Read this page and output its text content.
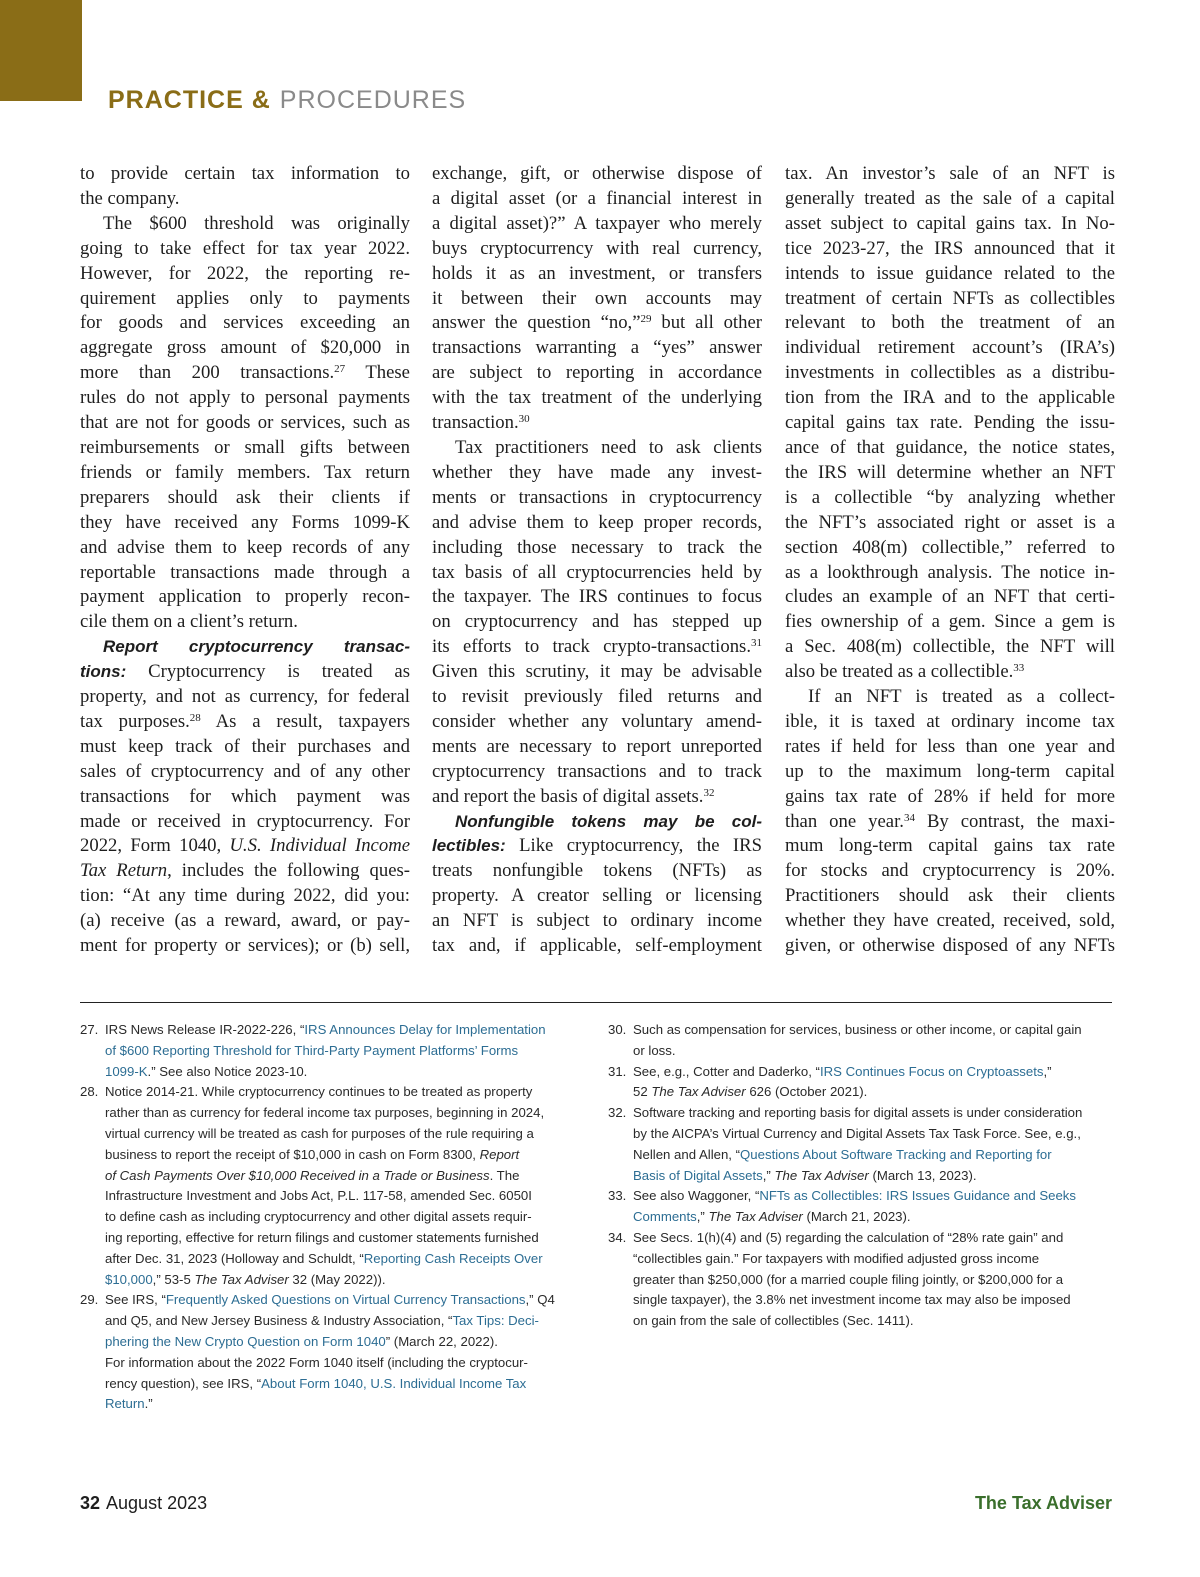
PRACTICE & PROCEDURES
to provide certain tax information to
the company.
The $600 threshold was originally
going to take effect for tax year 2022.
However, for 2022, the reporting re-
quirement applies only to payments
for goods and services exceeding an
aggregate gross amount of $20,000 in
more than 200 transactions.$^{27}$ These
rules do not apply to personal payments
that are not for goods or services, such as
reimbursements or small gifts between
friends or family members. Tax return
preparers should ask their clients if
they have received any Forms 1099-K
and advise them to keep records of any
reportable transactions made through a
payment application to properly recon-
cile them on a client’s return.
Report cryptocurrency transac-
tions: Cryptocurrency is treated as
property, and not as currency, for federal
tax purposes.$^{28}$ As a result, taxpayers
must keep track of their purchases and
sales of cryptocurrency and of any other
transactions for which payment was
made or received in cryptocurrency. For
2022, Form 1040, U.S. Individual Income
Tax Return, includes the following ques-
tion: “At any time during 2022, did you:
(a) receive (as a reward, award, or pay-
ment for property or services); or (b) sell,
exchange, gift, or otherwise dispose of
a digital asset (or a financial interest in
a digital asset)?” A taxpayer who merely
buys cryptocurrency with real currency,
holds it as an investment, or transfers
it between their own accounts may
answer the question “no,”$^{29}$ but all other
transactions warranting a “yes” answer
are subject to reporting in accordance
with the tax treatment of the underlying
transaction.$^{30}$
Tax practitioners need to ask clients
whether they have made any invest-
ments or transactions in cryptocurrency
and advise them to keep proper records,
including those necessary to track the
tax basis of all cryptocurrencies held by
the taxpayer. The IRS continues to focus
on cryptocurrency and has stepped up
its efforts to track crypto-transactions.$^{31}$
Given this scrutiny, it may be advisable
to revisit previously filed returns and
consider whether any voluntary amend-
ments are necessary to report unreported
cryptocurrency transactions and to track
and report the basis of digital assets.$^{32}$
Nonfungible tokens may be col-
lectibles: Like cryptocurrency, the IRS
treats nonfungible tokens (NFTs) as
property. A creator selling or licensing
an NFT is subject to ordinary income
tax and, if applicable, self-employment
tax. An investor’s sale of an NFT is
generally treated as the sale of a capital
asset subject to capital gains tax. In No-
tice 2023-27, the IRS announced that it
intends to issue guidance related to the
treatment of certain NFTs as collectibles
relevant to both the treatment of an
individual retirement account’s (IRA’s)
investments in collectibles as a distribu-
tion from the IRA and to the applicable
capital gains tax rate. Pending the issu-
ance of that guidance, the notice states,
the IRS will determine whether an NFT
is a collectible “by analyzing whether
the NFT’s associated right or asset is a
section 408(m) collectible,” referred to
as a lookthrough analysis. The notice in-
cludes an example of an NFT that certi-
fies ownership of a gem. Since a gem is
a Sec. 408(m) collectible, the NFT will
also be treated as a collectible.$^{33}$
If an NFT is treated as a collect-
ible, it is taxed at ordinary income tax
rates if held for less than one year and
up to the maximum long-term capital
gains tax rate of 28% if held for more
than one year.$^{34}$ By contrast, the maxi-
mum long-term capital gains tax rate
for stocks and cryptocurrency is 20%.
Practitioners should ask their clients
whether they have created, received, sold,
given, or otherwise disposed of any NFTs
27. IRS News Release IR-2022-226, “IRS Announces Delay for Implementation
of $600 Reporting Threshold for Third-Party Payment Platforms’ Forms
1099-K.” See also Notice 2023-10.
28. Notice 2014-21. While cryptocurrency continues to be treated as property
rather than as currency for federal income tax purposes, beginning in 2024,
virtual currency will be treated as cash for purposes of the rule requiring a
business to report the receipt of $10,000 in cash on Form 8300, Report
of Cash Payments Over $10,000 Received in a Trade or Business. The
Infrastructure Investment and Jobs Act, P.L. 117-58, amended Sec. 6050I
to define cash as including cryptocurrency and other digital assets requir-
ing reporting, effective for return filings and customer statements furnished
after Dec. 31, 2023 (Holloway and Schuldt, “Reporting Cash Receipts Over
$10,000,” 53-5 The Tax Adviser 32 (May 2022)).
29. See IRS, “Frequently Asked Questions on Virtual Currency Transactions,” Q4
and Q5, and New Jersey Business & Industry Association, “Tax Tips: Deci-
phering the New Crypto Question on Form 1040” (March 22, 2022).
For information about the 2022 Form 1040 itself (including the cryptocur-
rency question), see IRS, “About Form 1040, U.S. Individual Income Tax
Return.”
30. Such as compensation for services, business or other income, or capital gain
or loss.
31. See, e.g., Cotter and Daderko, “IRS Continues Focus on Cryptoassets,”
52 The Tax Adviser 626 (October 2021).
32. Software tracking and reporting basis for digital assets is under consideration
by the AICPA’s Virtual Currency and Digital Assets Tax Task Force. See, e.g.,
Nellen and Allen, “Questions About Software Tracking and Reporting for
Basis of Digital Assets,” The Tax Adviser (March 13, 2023).
33. See also Waggoner, “NFTs as Collectibles: IRS Issues Guidance and Seeks
Comments,” The Tax Adviser (March 21, 2023).
34. See Secs. 1(h)(4) and (5) regarding the calculation of “28% rate gain” and
“collectibles gain.” For taxpayers with modified adjusted gross income
greater than $250,000 (for a married couple filing jointly, or $200,000 for a
single taxpayer), the 3.8% net investment income tax may also be imposed
on gain from the sale of collectibles (Sec. 1411).
32 August 2023	The Tax Adviser
